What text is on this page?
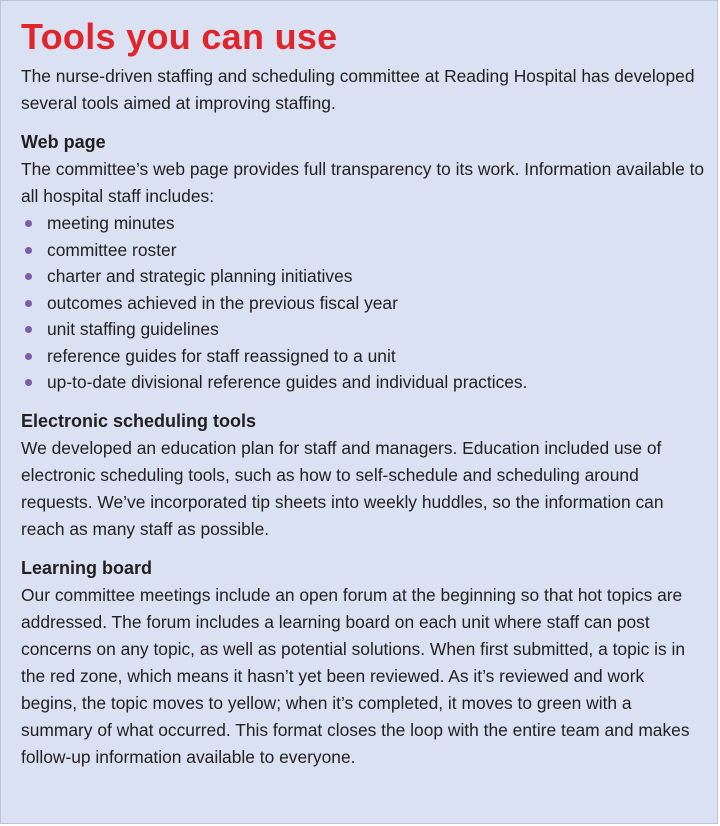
Tools you can use

The nurse-driven staffing and scheduling committee at Reading Hospital has developed several tools aimed at improving staffing.

Web page

The committee’s web page provides full transparency to its work. Information available to all hospital staff includes:

meeting minutes
committee roster
charter and strategic planning initiatives
outcomes achieved in the previous fiscal year
unit staffing guidelines
reference guides for staff reassigned to a unit
up-to-date divisional reference guides and individual practices.
Electronic scheduling tools

We developed an education plan for staff and managers. Education included use of electronic scheduling tools, such as how to self-schedule and scheduling around requests. We’ve incorporated tip sheets into weekly huddles, so the information can reach as many staff as possible.

Learning board

Our committee meetings include an open forum at the beginning so that hot topics are addressed. The forum includes a learning board on each unit where staff can post concerns on any topic, as well as potential solutions. When first submitted, a topic is in the red zone, which means it hasn’t yet been reviewed. As it’s reviewed and work begins, the topic moves to yellow; when it’s completed, it moves to green with a summary of what occurred. This format closes the loop with the entire team and makes follow-up information available to everyone.
